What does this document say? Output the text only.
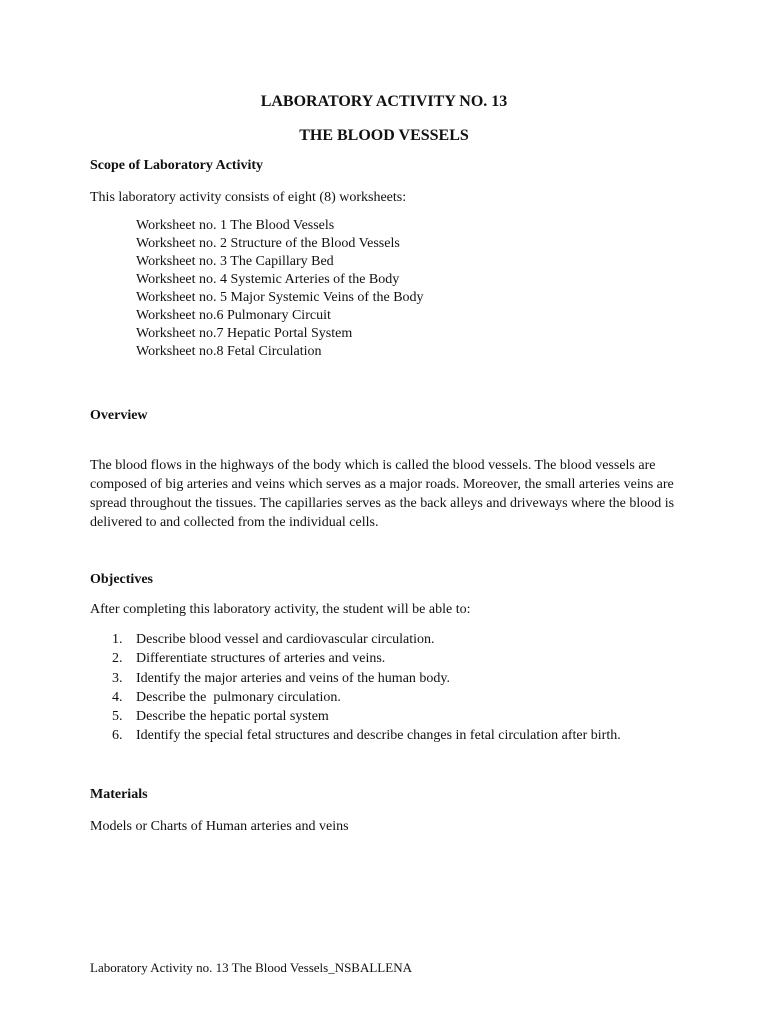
LABORATORY ACTIVITY NO. 13
THE BLOOD VESSELS
Scope of Laboratory Activity

This laboratory activity consists of eight (8) worksheets:

Worksheet no. 1 The Blood Vessels
Worksheet no. 2 Structure of the Blood Vessels
Worksheet no. 3 The Capillary Bed
Worksheet no. 4 Systemic Arteries of the Body
Worksheet no. 5 Major Systemic Veins of the Body
Worksheet no.6 Pulmonary Circuit
Worksheet no.7 Hepatic Portal System
Worksheet no.8 Fetal Circulation
Overview

The blood flows in the highways of the body which is called the blood vessels. The blood vessels are composed of big arteries and veins which serves as a major roads. Moreover, the small arteries veins are spread throughout the tissues. The capillaries serves as the back alleys and driveways where the blood is delivered to and collected from the individual cells.

Objectives

After completing this laboratory activity, the student will be able to:

1. Describe blood vessel and cardiovascular circulation.
2. Differentiate structures of arteries and veins.
3. Identify the major arteries and veins of the human body.
4. Describe the  pulmonary circulation.
5. Describe the hepatic portal system
6. Identify the special fetal structures and describe changes in fetal circulation after birth.
Materials

Models or Charts of Human arteries and veins

Laboratory Activity no. 13 The Blood Vessels_NSBALLENA
